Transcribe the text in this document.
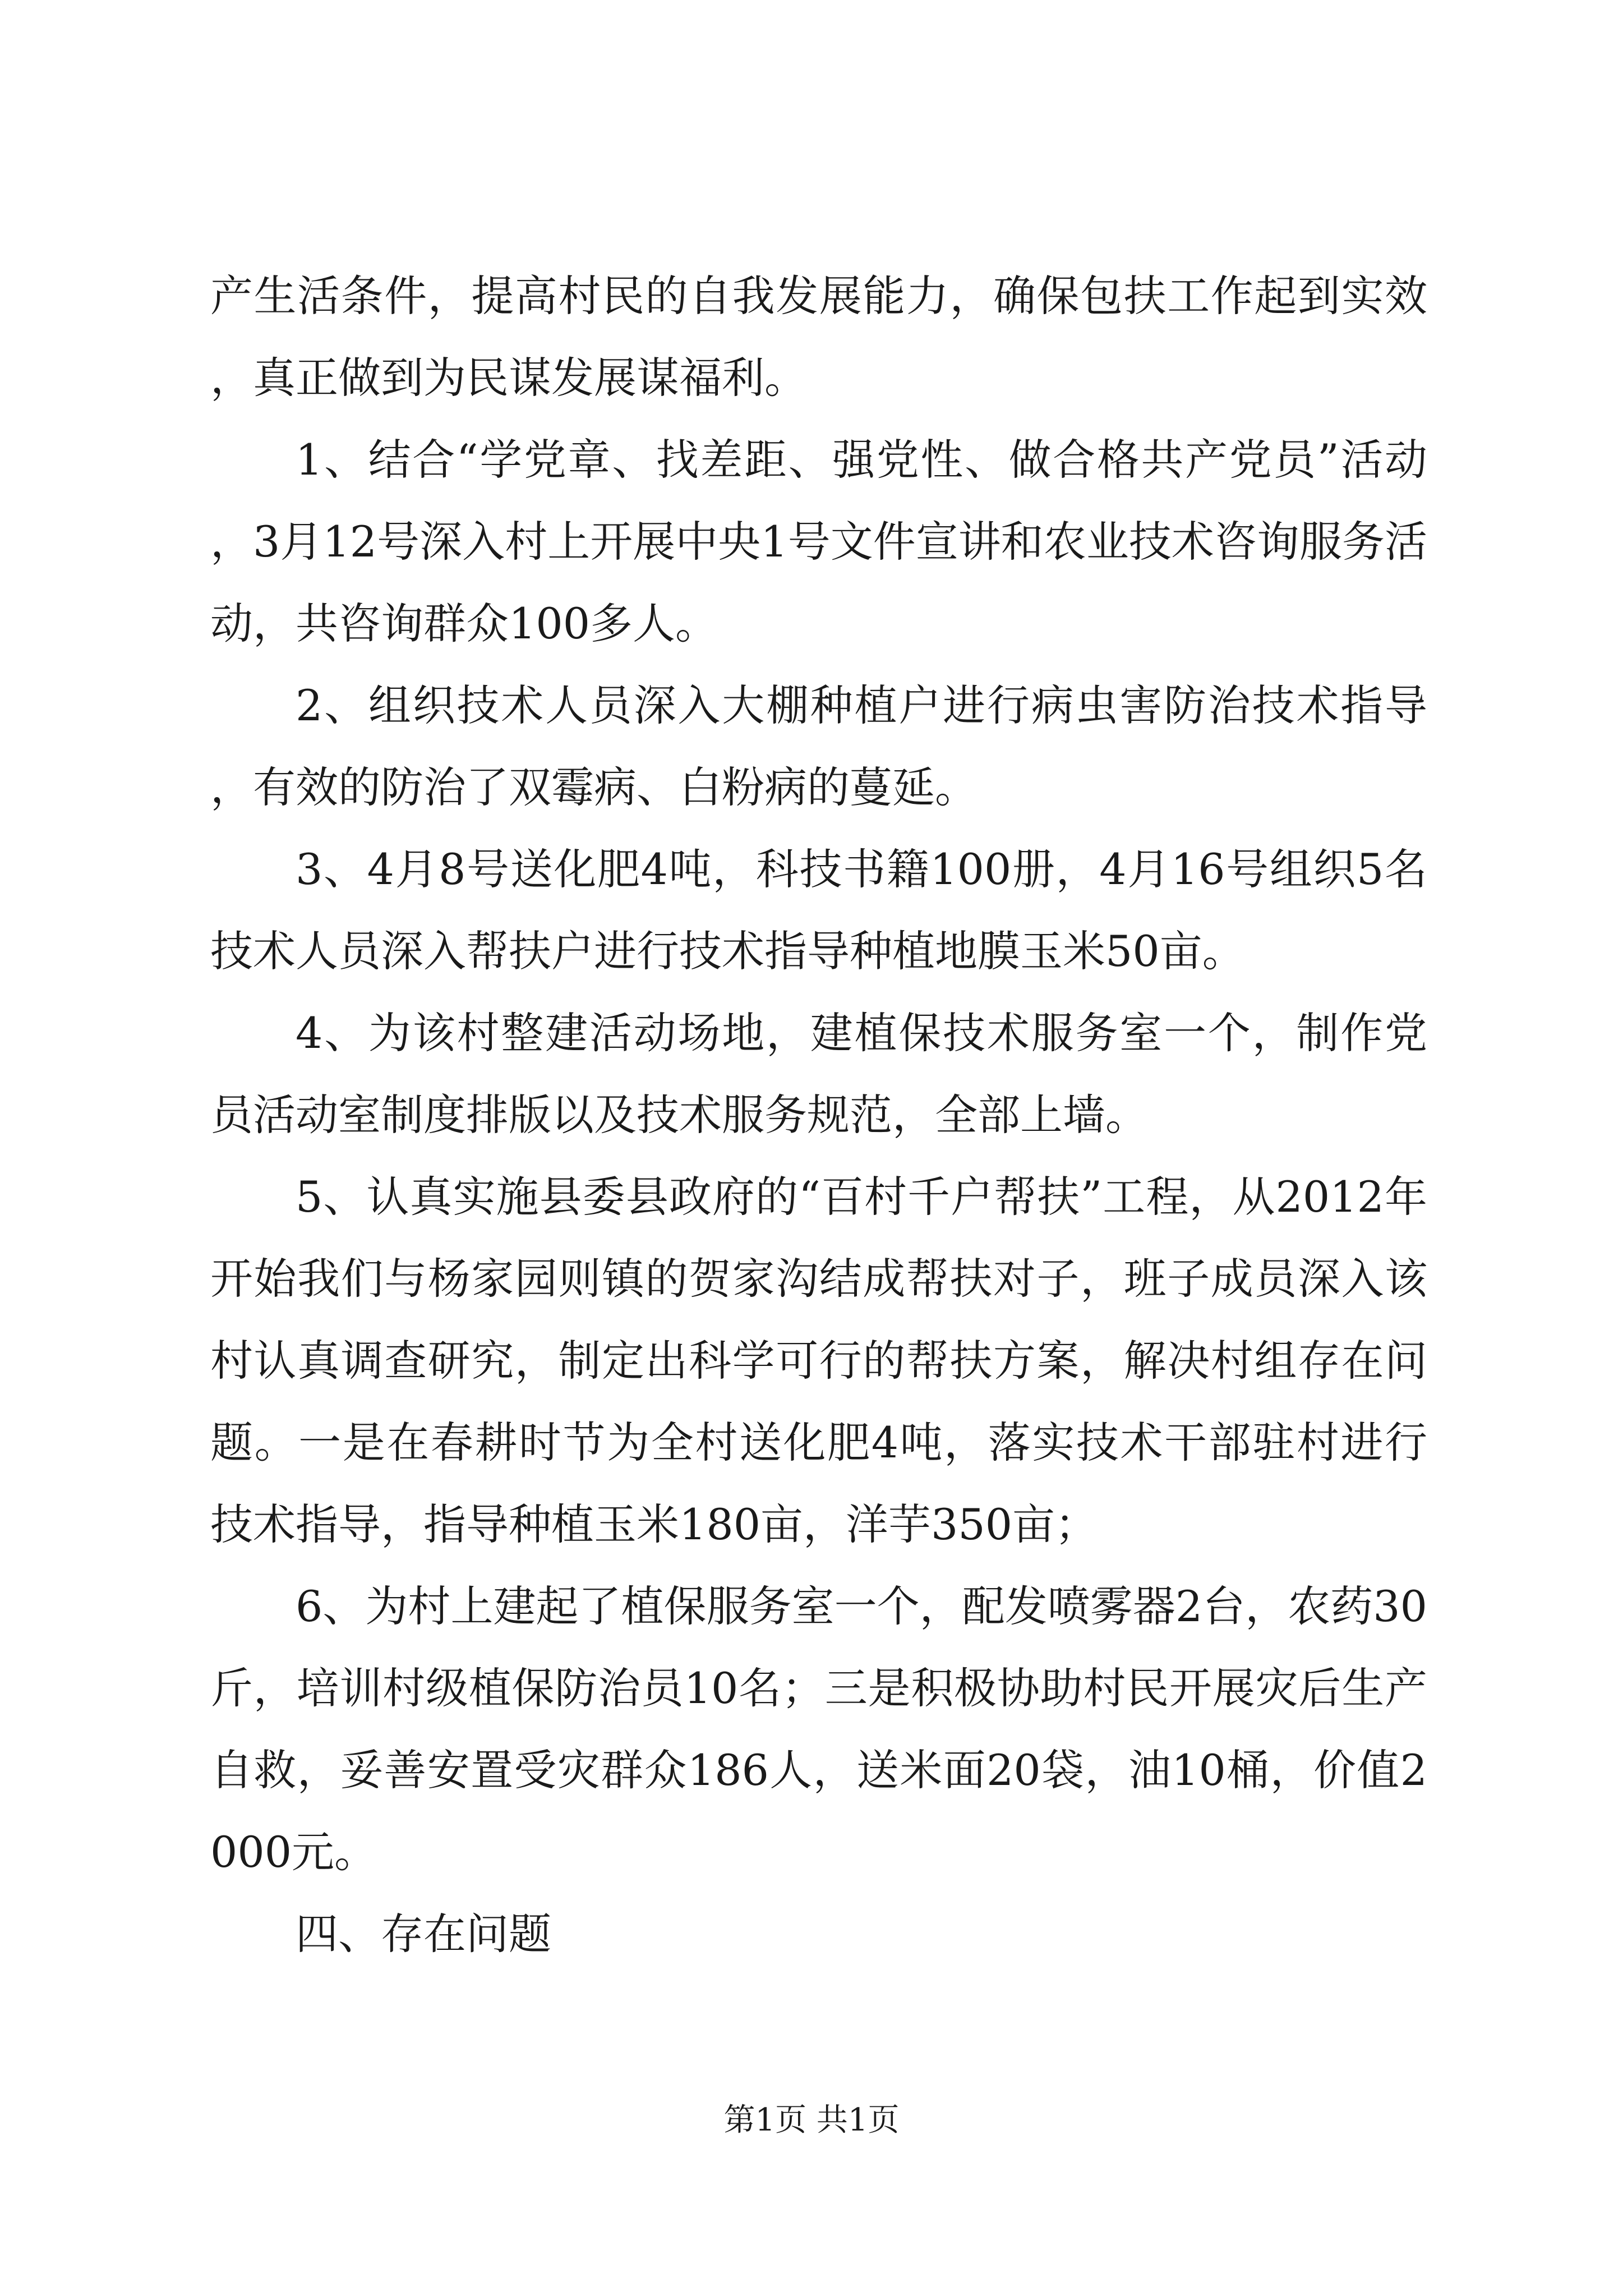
产生活条件，提高村民的自我发展能力，确保包扶工作起到实效，真正做到为民谋发展谋福利。

1、结合“学党章、找差距、强党性、做合格共产党员”活动，3月12号深入村上开展中央1号文件宣讲和农业技术咨询服务活动，共咨询群众100多人。

2、组织技术人员深入大棚种植户进行病虫害防治技术指导，有效的防治了双霉病、白粉病的蔓延。

3、4月8号送化肥4吨，科技书籍100册，4月16号组织5名技术人员深入帮扶户进行技术指导种植地膜玉米50亩。

4、为该村整建活动场地，建植保技术服务室一个，制作党员活动室制度排版以及技术服务规范，全部上墙。

5、认真实施县委县政府的“百村千户帮扶”工程，从2012年开始我们与杨家园则镇的贺家沟结成帮扶对子，班子成员深入该村认真调查研究，制定出科学可行的帮扶方案，解决村组存在问题。一是在春耕时节为全村送化肥4吨，落实技术干部驻村进行技术指导，指导种植玉米180亩，洋芋350亩；

6、为村上建起了植保服务室一个，配发喷雾器2台，农药30斤，培训村级植保防治员10名；三是积极协助村民开展灾后生产自救，妥善安置受灾群众186人，送米面20袋，油10桶，价值2000元。

四、存在问题

第1页 共1页
